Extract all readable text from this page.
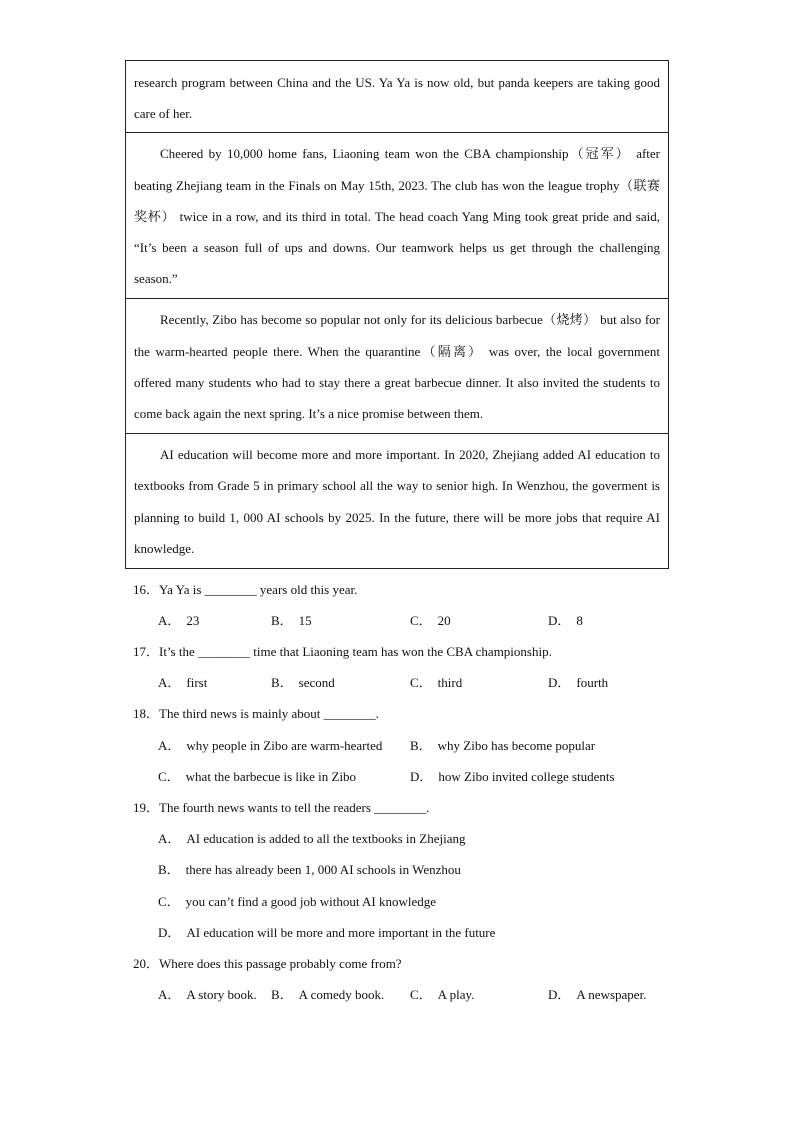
research program between China and the US. Ya Ya is now old, but panda keepers are taking good care of her.

Cheered by 10,000 home fans, Liaoning team won the CBA championship（冠军） after beating Zhejiang team in the Finals on May 15th, 2023. The club has won the league trophy（联赛奖杯） twice in a row, and its third in total. The head coach Yang Ming took great pride and said, “It’s been a season full of ups and downs. Our teamwork helps us get through the challenging season.”

Recently, Zibo has become so popular not only for its delicious barbecue（烧烤） but also for the warm-hearted people there. When the quarantine（隔离） was over, the local government offered many students who had to stay there a great barbecue dinner. It also invited the students to come back again the next spring. It’s a nice promise between them.

AI education will become more and more important. In 2020, Zhejiang added AI education to textbooks from Grade 5 in primary school all the way to senior high. In Wenzhou, the goverment is planning to build 1, 000 AI schools by 2025. In the future, there will be more jobs that require AI knowledge.

16．Ya Ya is ________ years old this year.
A． 23	B． 15	C． 20	D． 8
17．It’s the ________ time that Liaoning team has won the CBA championship.
A． first	B． second	C． third	D． fourth
18．The third news is mainly about ________.
A． why people in Zibo are warm-hearted B． why Zibo has become popular
C． what the barbecue is like in Zibo	D． how Zibo invited college students
19．The fourth news wants to tell the readers ________.
A． AI education is added to all the textbooks in Zhejiang
B． there has already been 1, 000 AI schools in Wenzhou
C． you can’t find a good job without AI knowledge
D． AI education will be more and more important in the future
20．Where does this passage probably come from?
A． A story book. B． A comedy book. C． A play.	D． A newspaper.
